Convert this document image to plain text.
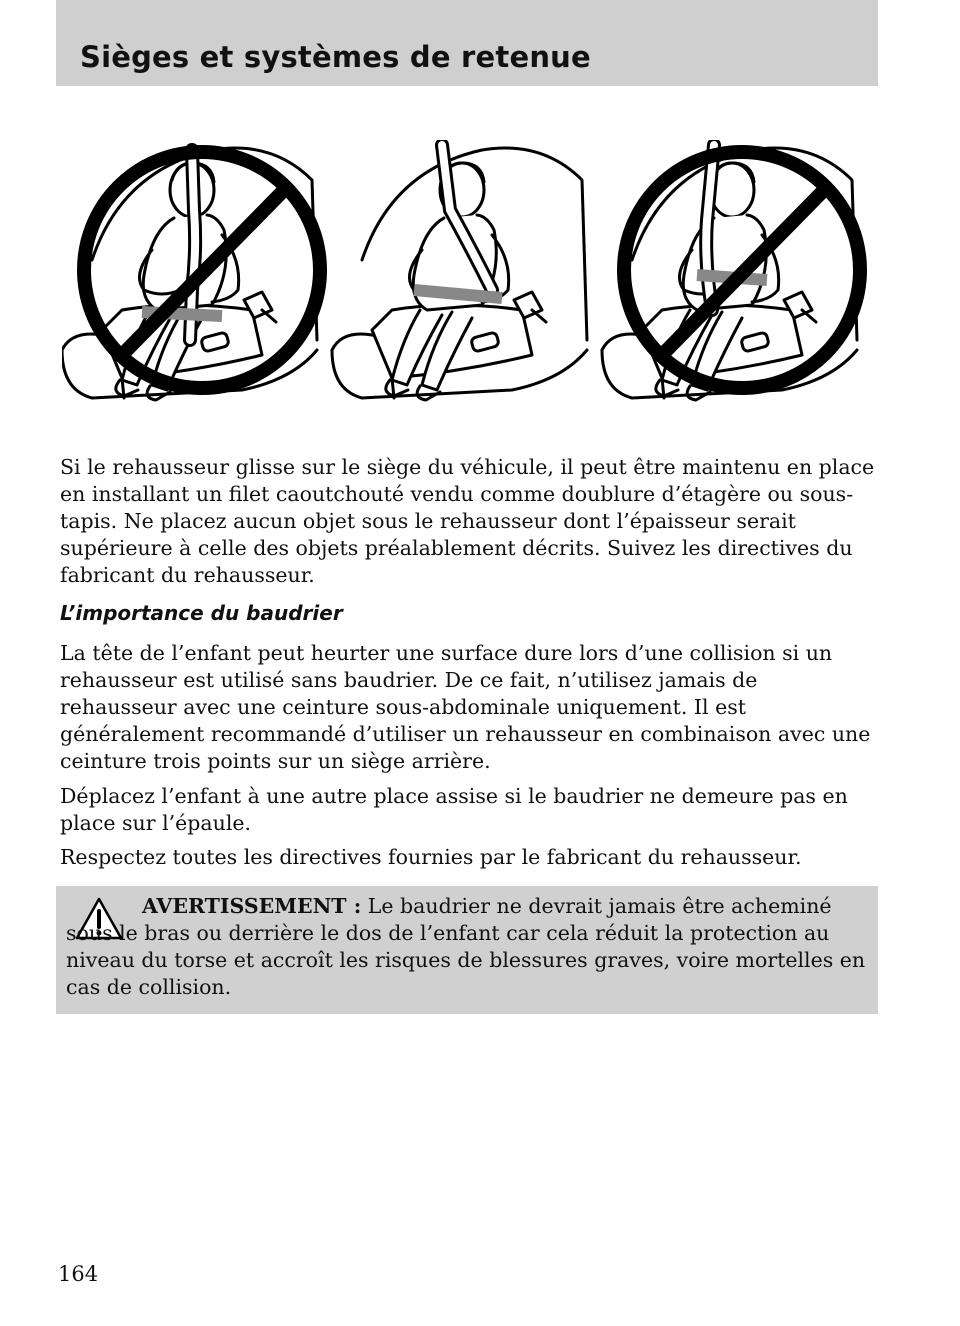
Sièges et systèmes de retenue

Si le rehausseur glisse sur le siège du véhicule, il peut être maintenu en place en installant un filet caoutchouté vendu comme doublure d’étagère ou sous-tapis. Ne placez aucun objet sous le rehausseur dont l’épaisseur serait supérieure à celle des objets préalablement décrits. Suivez les directives du fabricant du rehausseur.

L’importance du baudrier

La tête de l’enfant peut heurter une surface dure lors d’une collision si un rehausseur est utilisé sans baudrier. De ce fait, n’utilisez jamais de rehausseur avec une ceinture sous-abdominale uniquement. Il est généralement recommandé d’utiliser un rehausseur en combinaison avec une ceinture trois points sur un siège arrière.

Déplacez l’enfant à une autre place assise si le baudrier ne demeure pas en place sur l’épaule.

Respectez toutes les directives fournies par le fabricant du rehausseur.

AVERTISSEMENT : Le baudrier ne devrait jamais être acheminé sous le bras ou derrière le dos de l’enfant car cela réduit la protection au niveau du torse et accroît les risques de blessures graves, voire mortelles en cas de collision.

164
